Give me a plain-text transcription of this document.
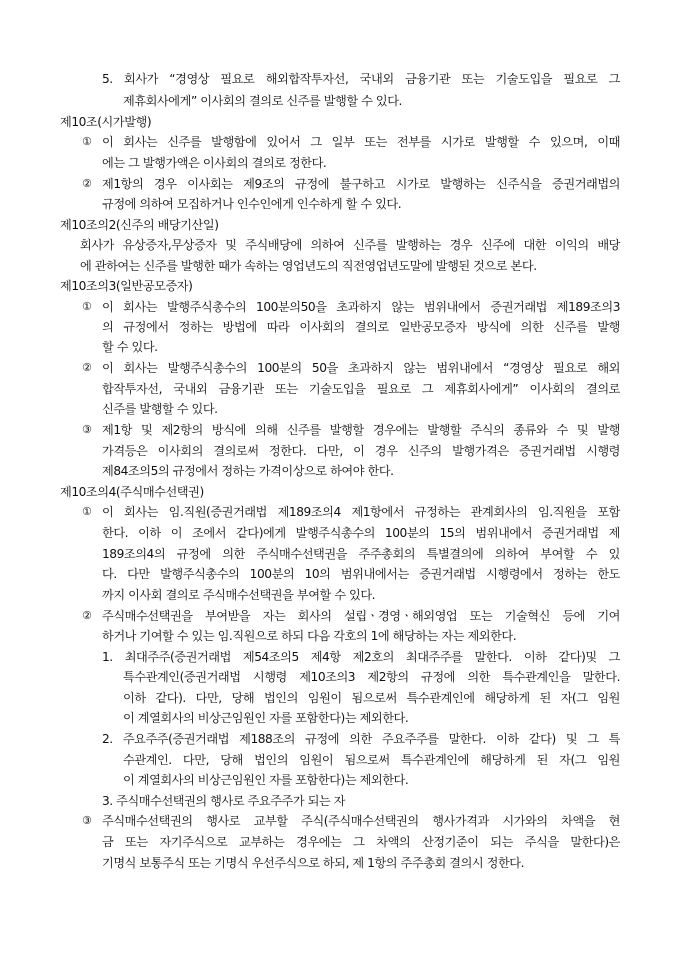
5. 회사가 “경영상 필요로 해외합작투자선, 국내외 금융기관 또는 기술도입을 필요로 그
제휴회사에게” 이사회의 결의로 신주를 발행할 수 있다.
제10조(시가발행)
이 회사는 신주를 발행함에 있어서 그 일부 또는 전부를 시가로 발행할 수 있으며, 이때
에는 그 발행가액은 이사회의 결의로 정한다.
제1항의 경우 이사회는 제9조의 규정에 불구하고 시가로 발행하는 신주식을 증권거래법의
규정에 의하여 모집하거나 인수인에게 인수하게 할 수 있다.
제10조의2(신주의 배당기산일)
회사가 유상증자,무상증자 및 주식배당에 의하여 신주를 발행하는 경우 신주에 대한 이익의 배당
에 관하여는 신주를 발행한 때가 속하는 영업년도의 직전영업년도말에 발행된 것으로 본다.
제10조의3(일반공모증자)
이 회사는 발행주식총수의 100분의50을 초과하지 않는 범위내에서 증권거래법 제189조의3
의 규정에서 정하는 방법에 따라 이사회의 결의로 일반공모증자 방식에 의한 신주를 발행
할 수 있다.
이 회사는 발행주식총수의 100분의 50을 초과하지 않는 범위내에서 “경영상 필요로 해외
합작투자선, 국내외 금융기관 또는 기술도입을 필요로 그 제휴회사에게” 이사회의 결의로
신주를 발행할 수 있다.
제1항 및 제2항의 방식에 의해 신주를 발행할 경우에는 발행할 주식의 종류와 수 및 발행
가격등은 이사회의 결의로써 정한다. 다만, 이 경우 신주의 발행가격은 증권거래법 시행령
제84조의5의 규정에서 정하는 가격이상으로 하여야 한다.
제10조의4(주식매수선택권)
이 회사는 임.직원(증권거래법 제189조의4 제1항에서 규정하는 관계회사의 임.직원을 포함
한다. 이하 이 조에서 같다)에게 발행주식총수의 100분의 15의 범위내에서 증권거래법 제
189조의4의 규정에 의한 주식매수선택권을 주주총회의 특별결의에 의하여 부여할 수 있
다. 다만 발행주식총수의 100분의 10의 범위내에서는 증권거래법 시행령에서 정하는 한도
까지 이사회 결의로 주식매수선택권을 부여할 수 있다.
주식매수선택권을 부여받을 자는 회사의 설립ㆍ경영ㆍ해외영업 또는 기술혁신 등에 기여
하거나 기여할 수 있는 임.직원으로 하되 다음 각호의 1에 해당하는 자는 제외한다.
1. 최대주주(증권거래법 제54조의5 제4항 제2호의 최대주주를 말한다. 이하 같다)및 그
특수관계인(증권거래법 시행령 제10조의3 제2항의 규정에 의한 특수관계인을 말한다.
이하 같다). 다만, 당해 법인의 임원이 됨으로써 특수관계인에 해당하게 된 자(그 임원
이 계열회사의 비상근임원인 자를 포함한다)는 제외한다.
2. 주요주주(증권거래법 제188조의 규정에 의한 주요주주를 말한다. 이하 같다) 및 그 특
수관계인. 다만, 당해 법인의 임원이 됨으로써 특수관계인에 해당하게 된 자(그 임원
이 계열회사의 비상근임원인 자를 포함한다)는 제외한다.
3. 주식매수선택권의 행사로 주요주주가 되는 자
주식매수선택권의 행사로 교부할 주식(주식매수선택권의 행사가격과 시가와의 차액을 현
금 또는 자기주식으로 교부하는 경우에는 그 차액의 산정기준이 되는 주식을 말한다)은
기명식 보통주식 또는 기명식 우선주식으로 하되, 제 1항의 주주총회 결의시 정한다.
①
②
①
②
③
①
②
③
